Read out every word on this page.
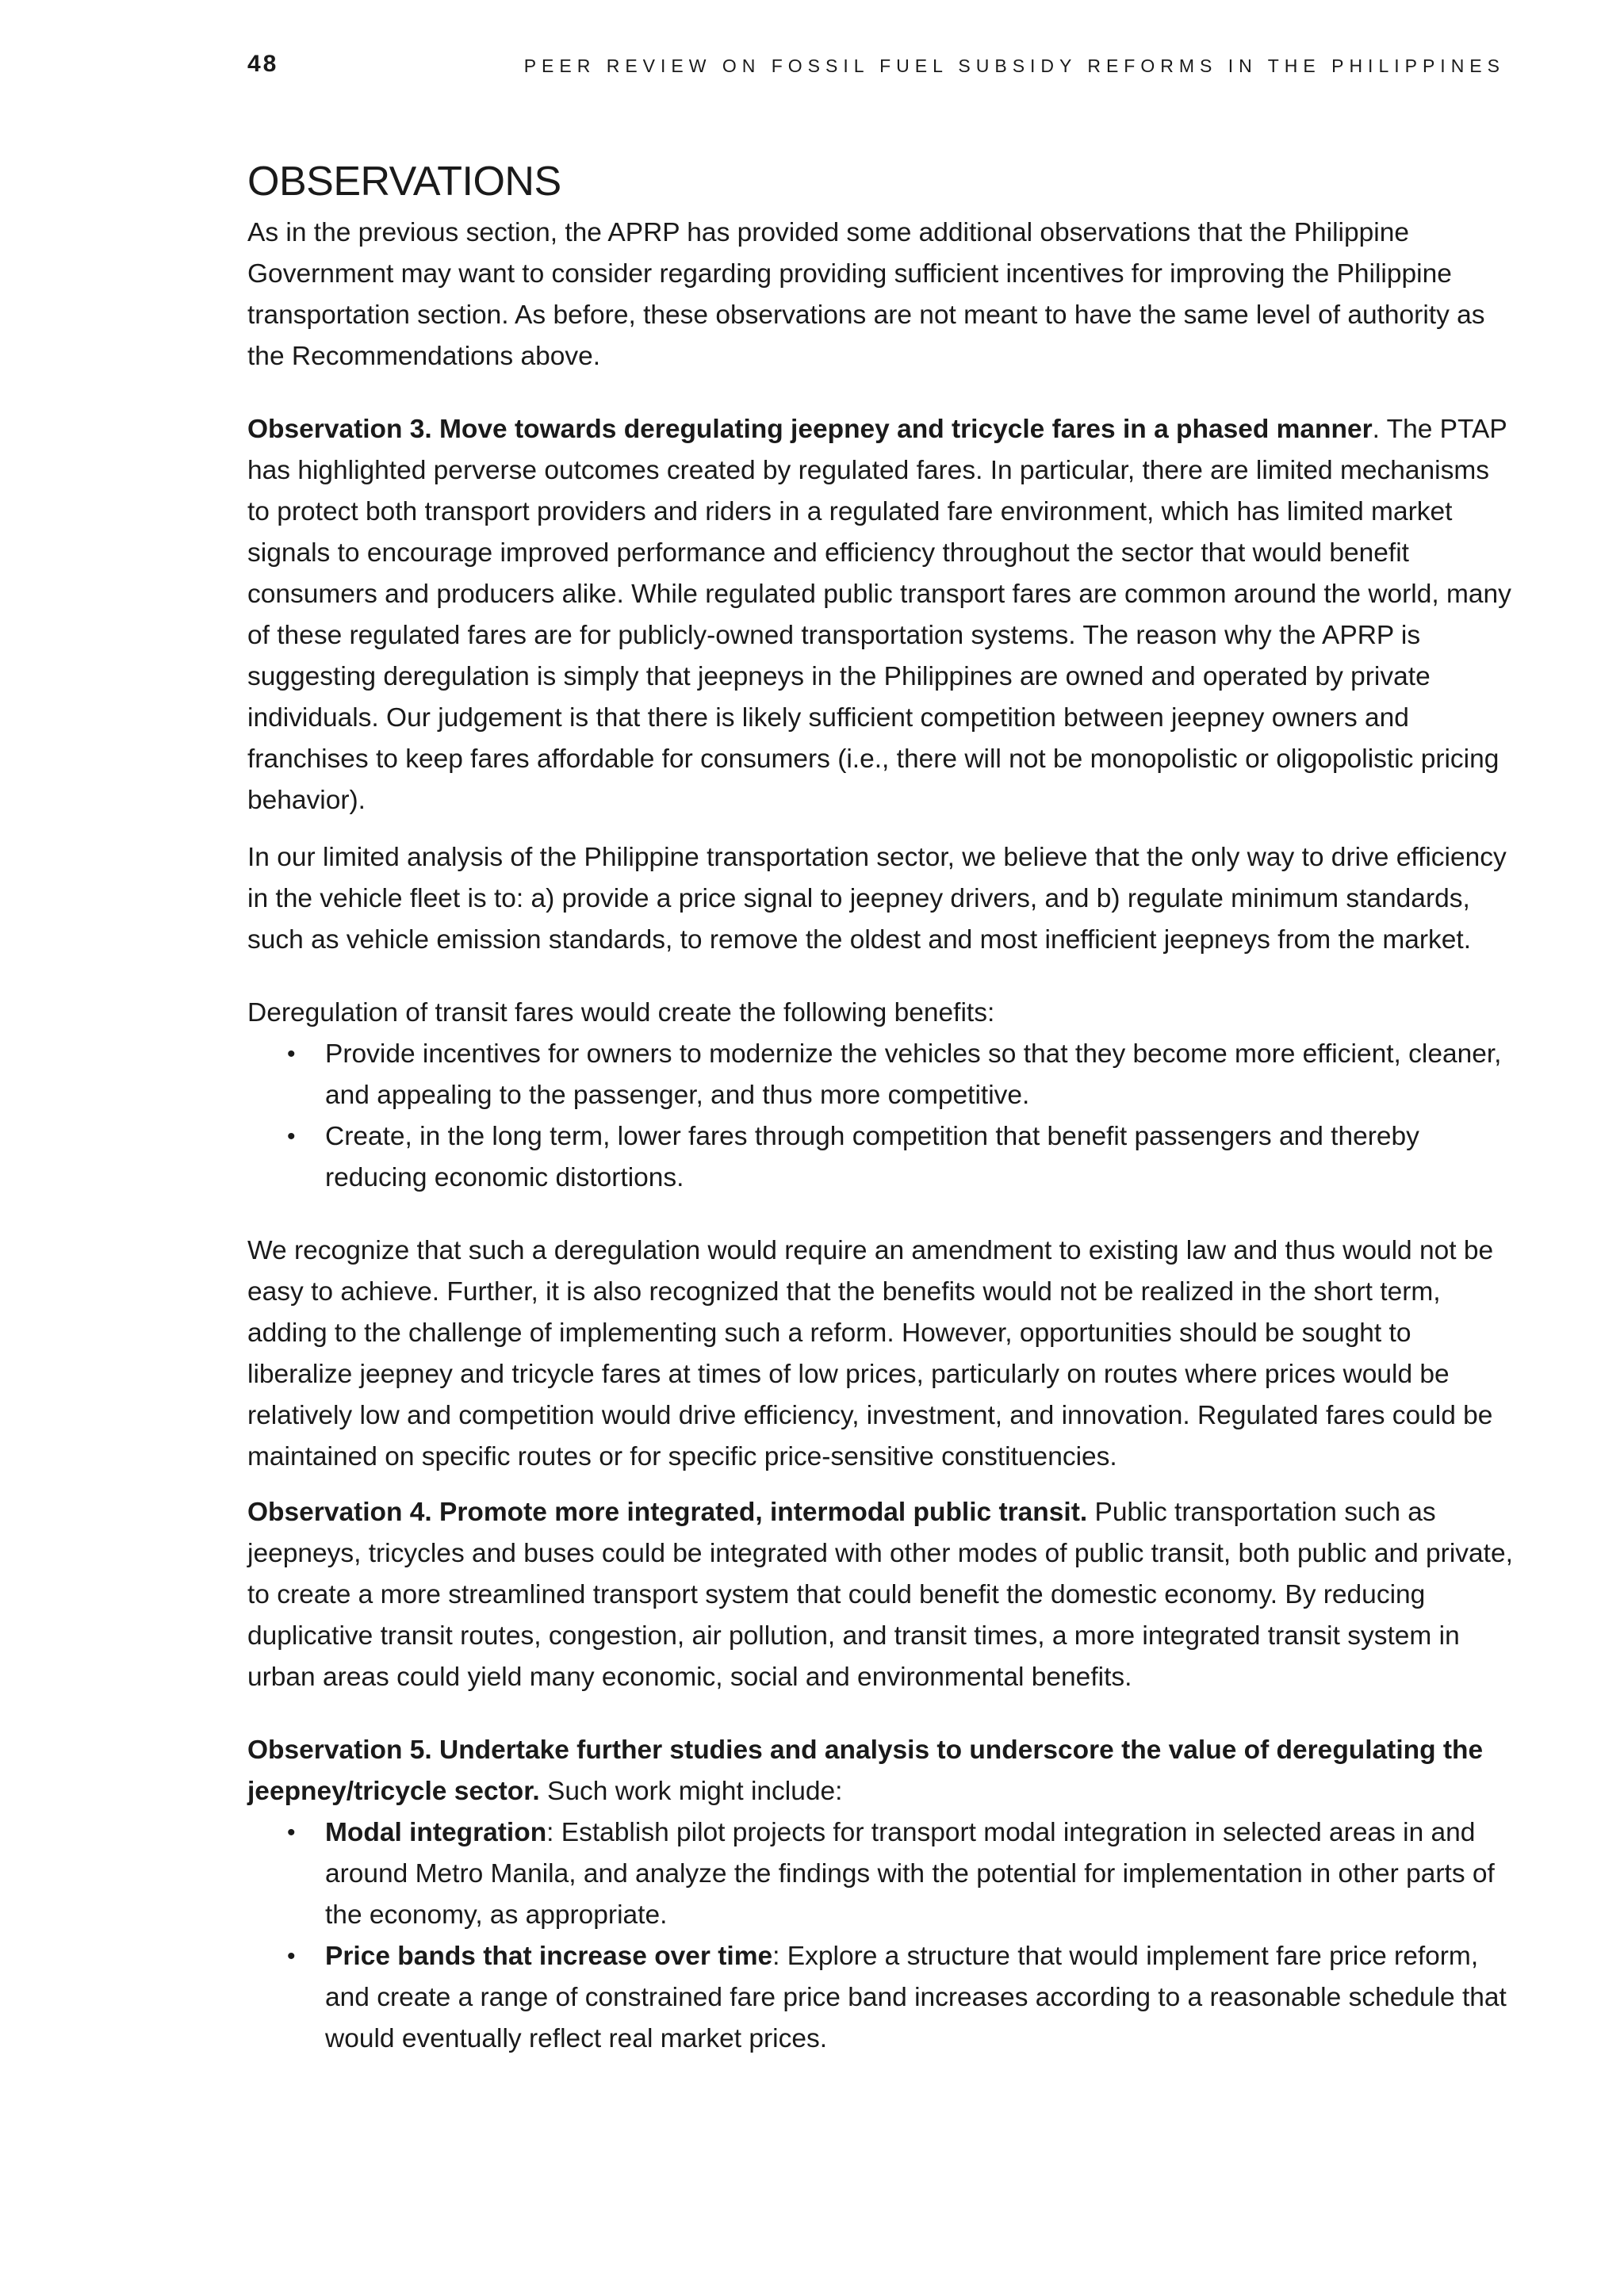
48	PEER REVIEW ON FOSSIL FUEL SUBSIDY REFORMS IN THE PHILIPPINES
OBSERVATIONS

As in the previous section, the APRP has provided some additional observations that the Philippine Government may want to consider regarding providing sufficient incentives for improving the Philippine transportation section. As before, these observations are not meant to have the same level of authority as the Recommendations above.

Observation 3. Move towards deregulating jeepney and tricycle fares in a phased manner. The PTAP has highlighted perverse outcomes created by regulated fares. In particular, there are limited mechanisms to protect both transport providers and riders in a regulated fare environment, which has limited market signals to encourage improved performance and efficiency throughout the sector that would benefit consumers and producers alike. While regulated public transport fares are common around the world, many of these regulated fares are for publicly-owned transportation systems. The reason why the APRP is suggesting deregulation is simply that jeepneys in the Philippines are owned and operated by private individuals. Our judgement is that there is likely sufficient competition between jeepney owners and franchises to keep fares affordable for consumers (i.e., there will not be monopolistic or oligopolistic pricing behavior).

In our limited analysis of the Philippine transportation sector, we believe that the only way to drive efficiency in the vehicle fleet is to: a) provide a price signal to jeepney drivers, and b) regulate minimum standards, such as vehicle emission standards, to remove the oldest and most inefficient jeepneys from the market.

Deregulation of transit fares would create the following benefits:

• Provide incentives for owners to modernize the vehicles so that they become more efficient, cleaner, and appealing to the passenger, and thus more competitive.
• Create, in the long term, lower fares through competition that benefit passengers and thereby reducing economic distortions.

We recognize that such a deregulation would require an amendment to existing law and thus would not be easy to achieve. Further, it is also recognized that the benefits would not be realized in the short term, adding to the challenge of implementing such a reform. However, opportunities should be sought to liberalize jeepney and tricycle fares at times of low prices, particularly on routes where prices would be relatively low and competition would drive efficiency, investment, and innovation. Regulated fares could be maintained on specific routes or for specific price-sensitive constituencies.

Observation 4. Promote more integrated, intermodal public transit. Public transportation such as jeepneys, tricycles and buses could be integrated with other modes of public transit, both public and private, to create a more streamlined transport system that could benefit the domestic economy. By reducing duplicative transit routes, congestion, air pollution, and transit times, a more integrated transit system in urban areas could yield many economic, social and environmental benefits.

Observation 5. Undertake further studies and analysis to underscore the value of deregulating the jeepney/tricycle sector. Such work might include:

• Modal integration: Establish pilot projects for transport modal integration in selected areas in and around Metro Manila, and analyze the findings with the potential for implementation in other parts of the economy, as appropriate.
• Price bands that increase over time: Explore a structure that would implement fare price reform, and create a range of constrained fare price band increases according to a reasonable schedule that would eventually reflect real market prices.
